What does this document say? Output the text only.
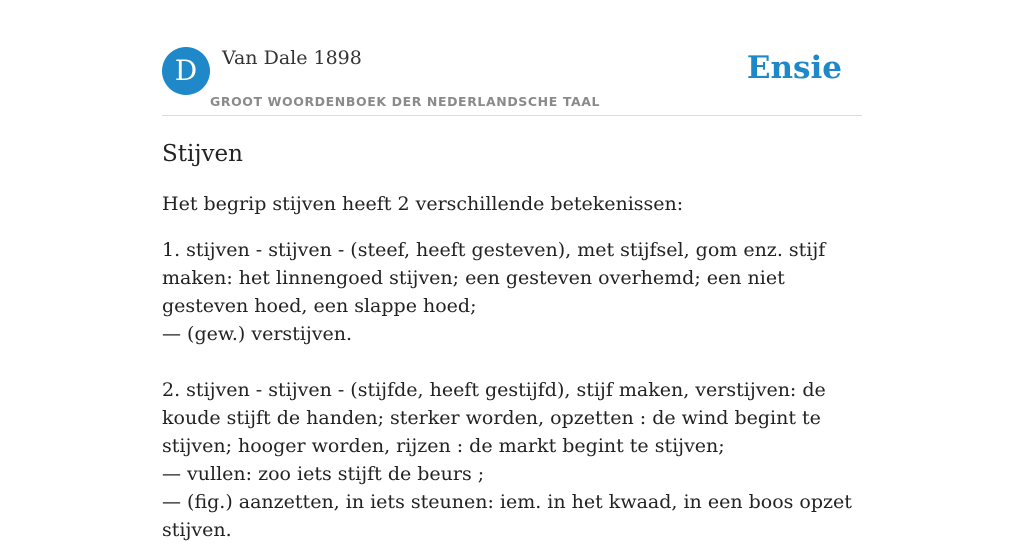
D	Van Dale 1898
GROOT WOORDENBOEK DER NEDERLANDSCHE TAAL
Ensie
Stijven

Het begrip stijven heeft 2 verschillende betekenissen:

1. stijven - stijven - (steef, heeft gesteven), met stijfsel, gom enz. stijf maken: het linnengoed stijven; een gesteven overhemd; een niet gesteven hoed, een slappe hoed;
— (gew.) verstijven.

2. stijven - stijven - (stijfde, heeft gestijfd), stijf maken, verstijven: de koude stijft de handen; sterker worden, opzetten : de wind begint te stijven; hooger worden, rijzen : de markt begint te stijven;
— vullen: zoo iets stijft de beurs ;
— (fig.) aanzetten, in iets steunen: iem. in het kwaad, in een boos opzet stijven.
